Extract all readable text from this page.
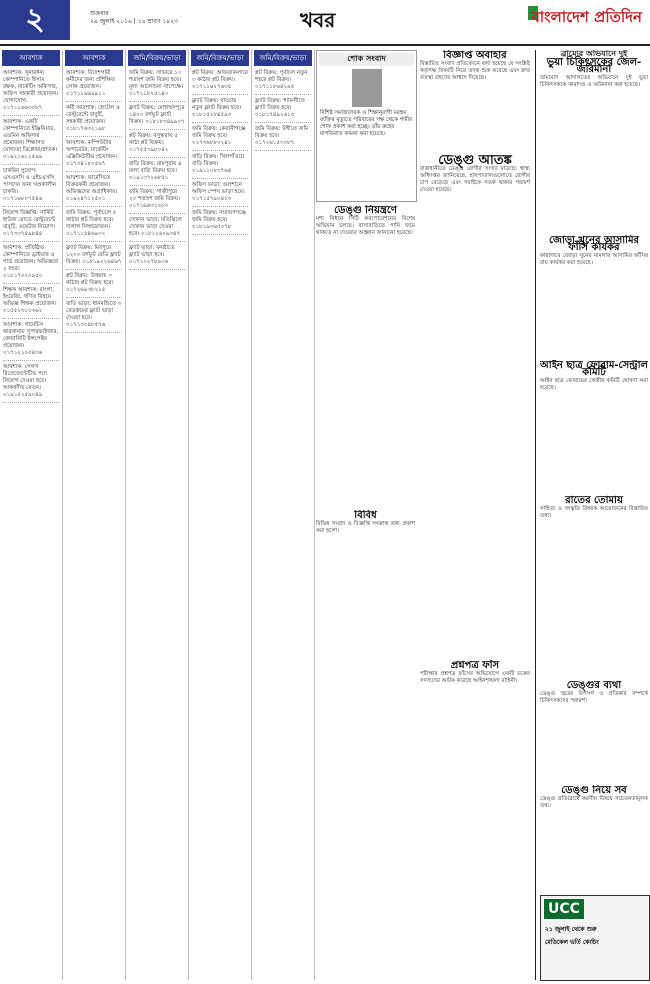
২	শুক্রবার
২৯ জুলাই ২০১৬ | ১৪ শ্রাবণ ১৪২৩	খবর	বাংলাদেশ প্রতিদিন
আবশ্যক
আবশ্যক: সুনামধন্য কোম্পানিতে হিসাব রক্ষক, মার্কেটিং অফিসার, অফিস সহকারী প্রয়োজন। যোগাযোগ: ০১৭১১৬৬৩০৮৭
আবশ্যক: একটি কোম্পানিতে ইঞ্জিনিয়ার, এডমিন অফিসার প্রয়োজন। শিক্ষাগত যোগ্যতা ডিপ্লোমা/স্নাতক। ০১৯২১৬১২৫৬৯
চাকরির সুযোগ: এসএসসি ও এইচএসসি পাসদের জন্য খণ্ডকালীন চাকরি। ০১৭১৬৮০৭৫৪৬
নিয়োগ বিজ্ঞপ্তি: সার্কিট হাউজ রোডে রেস্টুরেন্টে বাবুর্চি, ওয়েটার নিয়োগ। ০১৭৩৩৭৫৯৮৪৪
আবশ্যক: প্রতিষ্ঠিত কোম্পানিতে ড্রাইভার ও গার্ড প্রয়োজন। অভিজ্ঞতা ২ বছর। ০১৮১৭০২০৯৫০
শিক্ষক আবশ্যক: বাংলা, ইংরেজি, গণিত বিষয়ে অভিজ্ঞ শিক্ষক প্রয়োজন। ০১৫৫২৩১০৩৬২
আবশ্যক: গার্মেন্টস কারখানায় সুপারভাইজার, কোয়ালিটি ইন্সপেক্টর প্রয়োজন। ০১৭১২১০৫৪৩৬
আবশ্যক: সেলস রিপ্রেজেন্টেটিভ পদে নিয়োগ দেওয়া হবে। আকর্ষণীয় বেতন। ০১৯১৫২৫৯০৪৯
আবশ্যক
আবশ্যক: বিদেশগামী কর্মীদের জন্য প্রশিক্ষিত লোক প্রয়োজন। ০১৭১১৯৬৯৯১১
কর্মী আবশ্যক: হোটেল ও রেস্টুরেন্টে বাবুর্চি, সহকারী প্রয়োজন। ০১৮১৭৬৩২১৯৮
আবশ্যক: কম্পিউটার অপারেটর, মার্কেটিং এক্সিকিউটিভ প্রয়োজন। ০১৭৩৪১৮০৫৬৭
আবশ্যক: ফার্মেসিতে বিক্রয়কর্মী প্রয়োজন। অভিজ্ঞদের অগ্রাধিকার। ০১৯২৪৭১২৫০১
জমি বিক্রয়: পূর্বাচলে ৫ কাঠার প্লট বিক্রয় হবে। দালাল নিষ্প্রয়োজন। ০১৭১১৫৪৬৯৩২
ফ্ল্যাট বিক্রয়: মিরপুরে ১২০০ বর্গফুট রেডি ফ্ল্যাট বিক্রয়। ০১৮১৯২২৬৪৬৭
প্লট বিক্রয়: উত্তরায় ৩ কাঠার প্লট বিক্রয় হবে। ০১৭২৬৯৩৮২১৫
বাড়ি ভাড়া: ধানমন্ডিতে ৩ বেডরুমের ফ্ল্যাট ভাড়া দেওয়া হবে। ০১৭১৩০৪৮৫৭৬
জমি/বিক্রয়/ভাড়া
জমি বিক্রয়: সাভারে ১০ শতাংশ জমি বিক্রয় হবে। মূল্য আলোচনা সাপেক্ষে। ০১৭১১৮২৫১৪০
ফ্ল্যাট বিক্রয়: মোহাম্মদপুরে ১৪০০ বর্গফুট ফ্ল্যাট বিক্রয়। ০১৮১৮৩৪৯৯০৭
প্লট বিক্রয়: বসুন্ধরায় ৫ কাঠা প্লট বিক্রয়। ০১৭৫৫৩৯৮০৪২
বাড়ি বিক্রয়: রামপুরায় ৪ তলা বাড়ি বিক্রয় হবে। ০১৯১৩৭২৬৮৫১
জমি বিক্রয়: গাজীপুরে ২০ শতাংশ জমি বিক্রয়। ০১৭১৬৪৩১২৮০
দোকান ভাড়া: মতিঝিলে দোকান ভাড়া দেওয়া হবে। ০১৮১২৬০৯৩৪৭
ফ্ল্যাট ভাড়া: বনশ্রীতে ফ্ল্যাট ভাড়া হবে। ০১৭১০২৭৮৯৩৬
জমি/বিক্রয়/ভাড়া
প্লট বিক্রয়: আফতাবনগরে ৩ কাঠার প্লট বিক্রয়। ০১৭১১৪২৭৬৩৫
ফ্ল্যাট বিক্রয়: বাড্ডায় নতুন ফ্ল্যাট বিক্রয় হবে। ০১৮১৫২৮৪৫৯৩
জমি বিক্রয়: কেরানীগঞ্জে জমি বিক্রয় হবে। ০১৭৩৬৮৮০২৪১
বাড়ি বিক্রয়: খিলগাঁওয়ে বাড়ি বিক্রয়। ০১৯১১০৮৩৭৬৪
অফিস ভাড়া: গুলশানে অফিস স্পেস ভাড়া হবে। ০১৭১৫৭৯০৪২৩
জমি বিক্রয়: নারায়ণগঞ্জে জমি বিক্রয় হবে। ০১৮১৯৩৬৫০৭৮
জমি/বিক্রয়/ভাড়া
প্লট বিক্রয়: পূর্বাচল নতুন শহরে প্লট বিক্রয়। ০১৭১১৮৬৪২৯৫
ফ্ল্যাট বিক্রয়: শ্যামলীতে ফ্ল্যাট বিক্রয় হবে। ০১৮১৭৪৯২৬১৩
জমি বিক্রয়: টঙ্গীতে জমি বিক্রয় হবে। ০১৭২৬১৫৩০৮৭
শোক সংবাদ

বিশিষ্ট সমাজসেবক ও শিক্ষানুরাগী মরহুম ব্যক্তির মৃত্যুতে পরিবারের পক্ষ থেকে গভীর শোক প্রকাশ করা হচ্ছে। তাঁর রুহের মাগফিরাত কামনা করা হয়েছে।

ডেঙ্গু নিয়ন্ত্রণে

মশা নিধনে সিটি করপোরেশনের বিশেষ অভিযান চলছে। বাসাবাড়িতে পানি জমে থাকতে না দেওয়ার আহ্বান জানানো হয়েছে।

বিবিধ

বিভিন্ন সংবাদ ও বিজ্ঞপ্তি সংক্রান্ত তথ্য প্রকাশ করা হলো।

বিজ্ঞাপ্ত অবাহার

বিস্তারিত সংবাদ প্রতিবেদনে বলা হয়েছে যে সংশ্লিষ্ট কর্তৃপক্ষ বিষয়টি নিয়ে তদন্ত শুরু করেছে এবং দ্রুত ব্যবস্থা গ্রহণের আশ্বাস দিয়েছে।

ডেঙ্গু আতঙ্ক

রাজধানীতে ডেঙ্গু রোগীর সংখ্যা বাড়ছে। স্বাস্থ্য অধিদপ্তর জানিয়েছে, হাসপাতালগুলোতে রোগীর চাপ বেড়েছে এবং সবাইকে সতর্ক থাকার পরামর্শ দেওয়া হয়েছে।

প্রশ্নপত্র ফাঁস

পরীক্ষার প্রশ্নপত্র ফাঁসের অভিযোগে একটি চক্রের সদস্যদের আটক করেছে আইনশৃঙ্খলা বাহিনী।

ব্রাম্যের অভিযানে দুই
ভুয়া চিকিৎসকের জেল-জরিমানা

ভ্রাম্যমাণ আদালতের অভিযানে দুই ভুয়া চিকিৎসককে কারাদণ্ড ও জরিমানা করা হয়েছে।

জোড়া খুনের আসামির ফাঁসি কার্যকর

কারাগারে জোড়া খুনের মামলার আসামির ফাঁসির রায় কার্যকর করা হয়েছে।

আইন ছাত্র ফোরাম-সেন্ট্রাল কমিটি

আইন ছাত্র ফোরামের কেন্দ্রীয় কমিটি ঘোষণা করা হয়েছে।

রাতের তোমায়

সাহিত্য ও সংস্কৃতি বিষয়ক আয়োজনের বিস্তারিত তথ্য।

ডেঙ্গুর ব্যথা

ডেঙ্গু জ্বরের উপসর্গ ও প্রতিকার সম্পর্কে চিকিৎসকদের পরামর্শ।

ডেঙ্গু নিয়ে সব

ডেঙ্গু প্রতিরোধে করণীয় বিষয়ে সচেতনতামূলক তথ্য।

UCC
২১ জুলাই থেকে শুরু
মেডিকেল ভর্তি কোচিং
